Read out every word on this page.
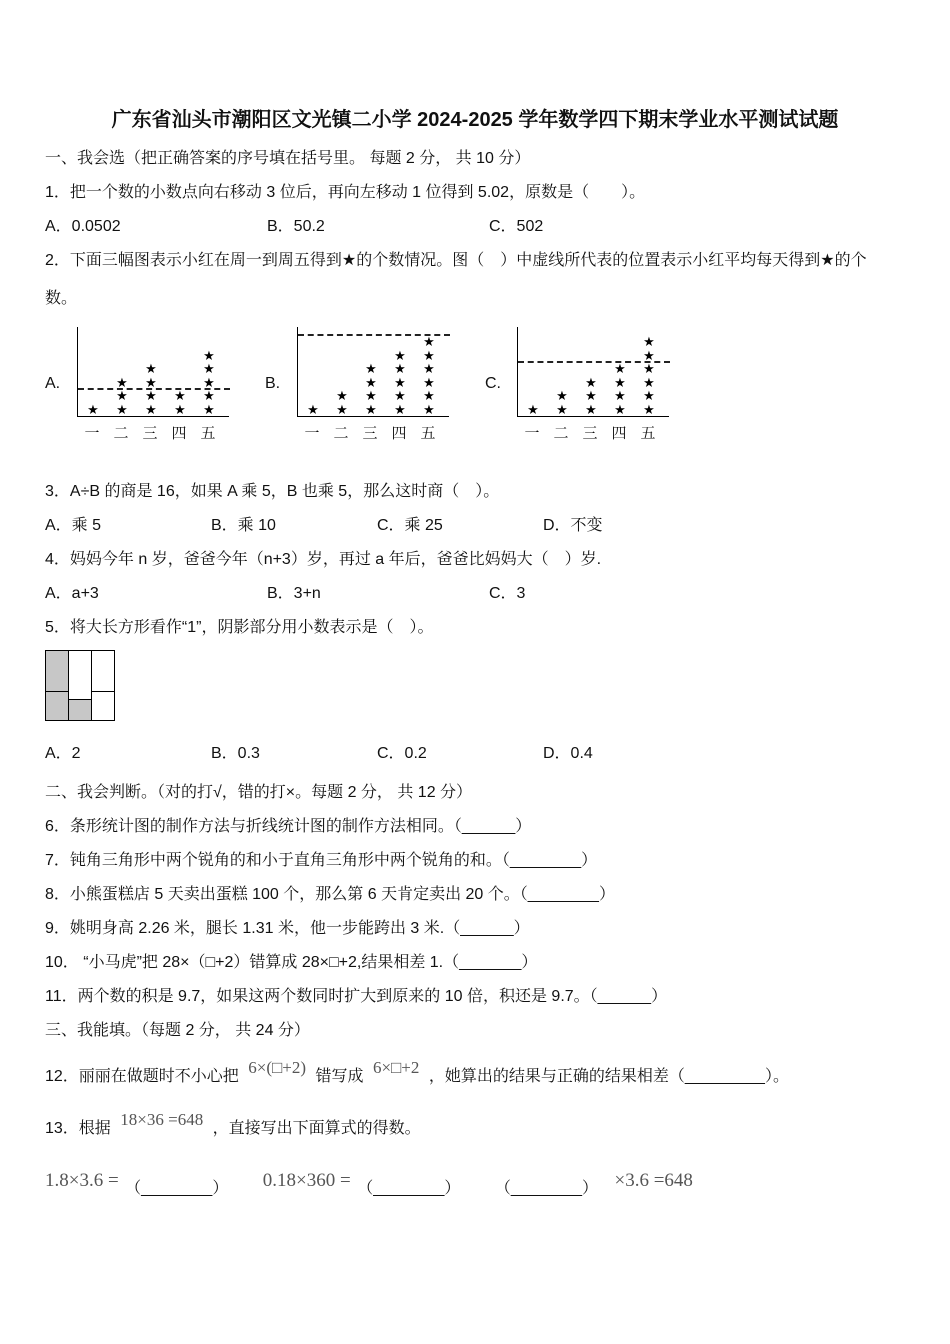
广东省汕头市潮阳区文光镇二小学 2024-2025 学年数学四下期末学业水平测试试题
一、我会选（把正确答案的序号填在括号里。 每题 2 分， 共 10 分）
1．把一个数的小数点向右移动 3 位后，再向左移动 1 位得到 5.02，原数是（　　）。
A．0.0502	B．50.2	C．502
2．下面三幅图表示小红在周一到周五得到★的个数情况。图（　）中虚线所代表的位置表示小红平均每天得到★的个
数。
A.
★ ★
★
★
★
★
★
★
★
★
★
★
★
★
★
一 二 三 四 五
B.
★ ★
★
★
★
★
★
★
★
★
★
★
★
★
★
★
★
★
一 二 三 四 五
C.
★ ★
★
★
★
★
★
★
★
★
★
★
★
★
★
★
一 二 三 四 五
3．A÷B 的商是 16，如果 A 乘 5，B 也乘 5，那么这时商（　）。
A．乘 5	B．乘 10	C．乘 25	D．不变
4．妈妈今年 n 岁，爸爸今年（n+3）岁，再过 a 年后，爸爸比妈妈大（　）岁.
A．a+3	B．3+n	C．3
5．将大长方形看作“1”，阴影部分用小数表示是（　）。
A．2	B．0.3	C．0.2	D．0.4
二、我会判断。（对的打√，错的打×。每题 2 分， 共 12 分）
6．条形统计图的制作方法与折线统计图的制作方法相同。（______）
7．钝角三角形中两个锐角的和小于直角三角形中两个锐角的和。（________）
8．小熊蛋糕店 5 天卖出蛋糕 100 个，那么第 6 天肯定卖出 20 个。（________）
9．姚明身高 2.26 米，腿长 1.31 米，他一步能跨出 3 米.（______）
10． “小马虎”把 28×（□+2）错算成 28×□+2,结果相差 1.（_______）
11．两个数的积是 9.7，如果这两个数同时扩大到原来的 10 倍，积还是 9.7。（______）
三、我能填。（每题 2 分， 共 24 分）
12．丽丽在做题时不小心把 6×(□+2) 错写成 6×□+2 ，她算出的结果与正确的结果相差（_________）。
13．根据 18×36 =648 ，直接写出下面算式的得数。
1.8×3.6 = （________） 0.18×360 = （________） （________） ×3.6 =648
